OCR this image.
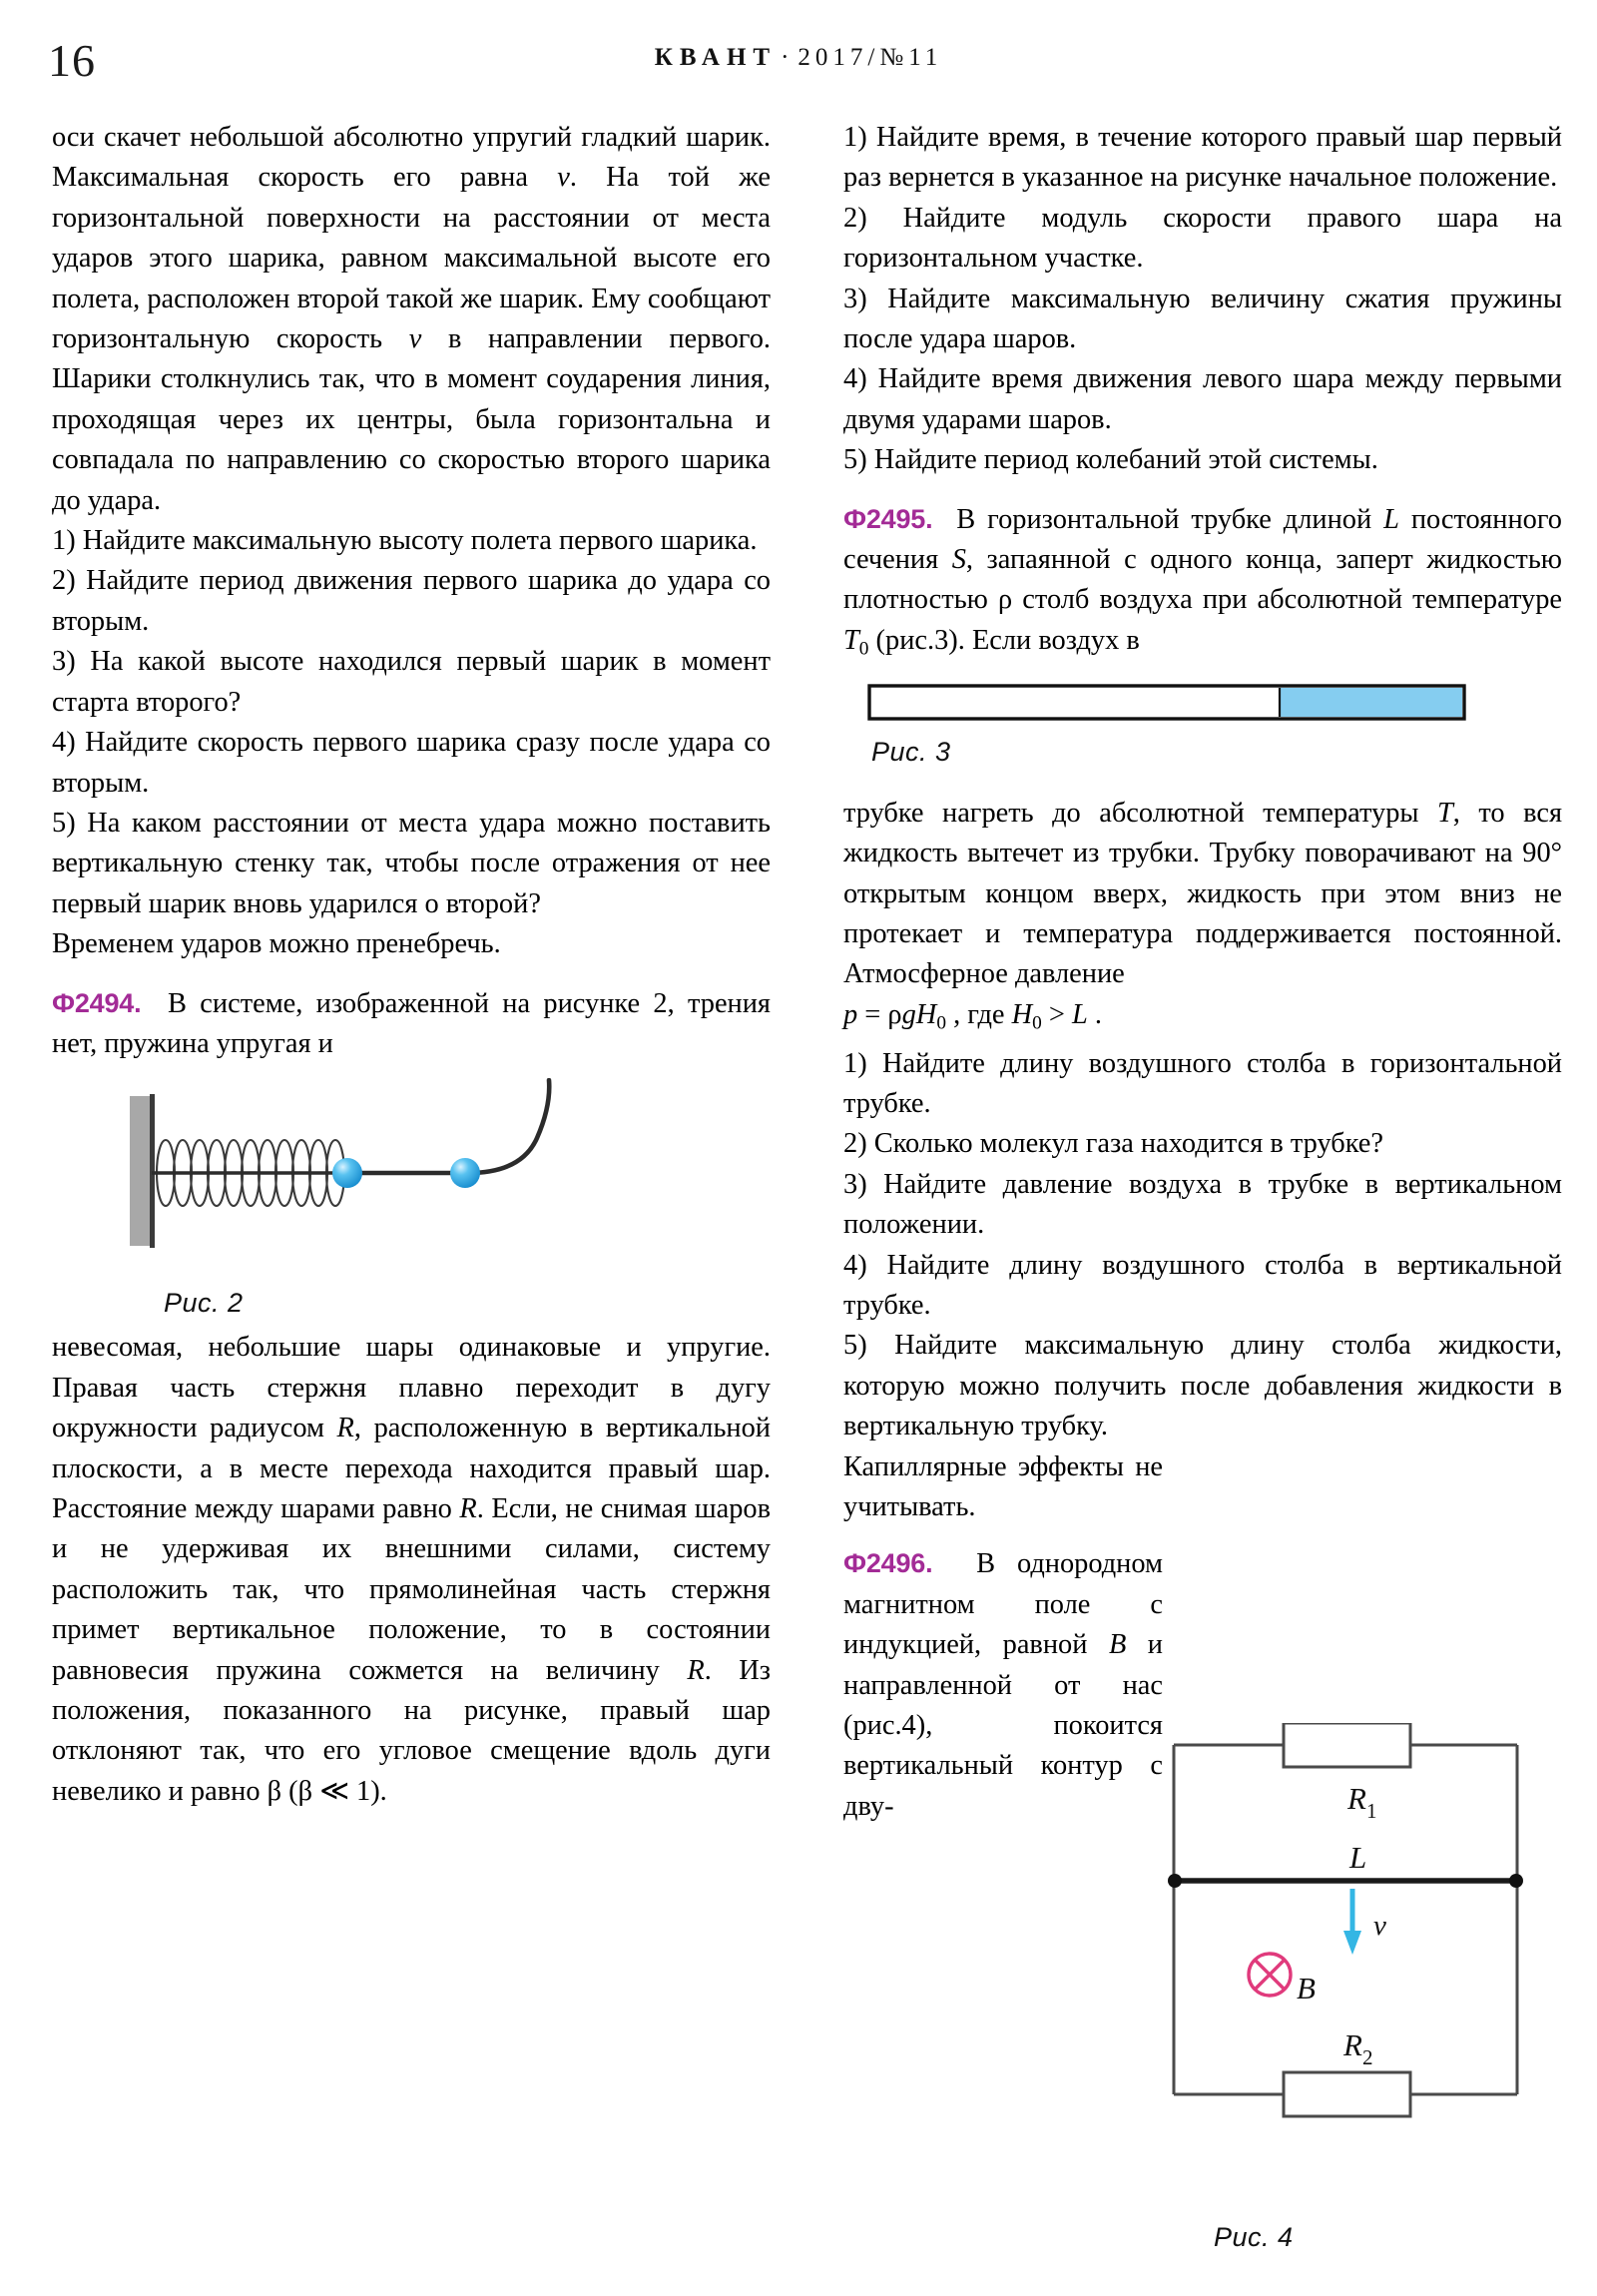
16	КВАНТ · 2017/№11

оси скачет небольшой абсолютно упругий гладкий шарик. Максимальная скорость его равна v. На той же горизонтальной поверхности на расстоянии от места ударов этого шарика, равном максимальной высоте его полета, расположен второй такой же шарик. Ему сообщают горизонтальную скорость v в направлении первого. Шарики столкнулись так, что в момент соударения линия, проходящая через их центры, была горизонтальна и совпадала по направлению со скоростью второго шарика до удара.

1) Найдите максимальную высоту полета первого шарика.

2) Найдите период движения первого шарика до удара со вторым.

3) На какой высоте находился первый шарик в момент старта второго?

4) Найдите скорость первого шарика сразу после удара со вторым.

5) На каком расстоянии от места удара можно поставить вертикальную стенку так, чтобы после отражения от нее первый шарик вновь ударился о второй?

Временем ударов можно пренебречь.

Ф2494. В системе, изображенной на рисунке 2, трения нет, пружина упругая и

Рис. 2

невесомая, небольшие шары одинаковые и упругие. Правая часть стержня плавно переходит в дугу окружности радиусом R, расположенную в вертикальной плоскости, а в месте перехода находится правый шар. Расстояние между шарами равно R. Если, не снимая шаров и не удерживая их внешними силами, систему расположить так, что прямолинейная часть стержня примет вертикальное положение, то в состоянии равновесия пружина сожмется на величину R. Из положения, показанного на рисунке, правый шар отклоняют так, что его угловое смещение вдоль дуги невелико и равно β (β ≪ 1).

1) Найдите время, в течение которого правый шар первый раз вернется в указанное на рисунке начальное положение.

2) Найдите модуль скорости правого шара на горизонтальном участке.

3) Найдите максимальную величину сжатия пружины после удара шаров.

4) Найдите время движения левого шара между первыми двумя ударами шаров.

5) Найдите период колебаний этой системы.

Ф2495. В горизонтальной трубке длиной L постоянного сечения S, запаянной с одного конца, заперт жидкостью плотностью ρ столб воздуха при абсолютной температуре $T_0$ (рис.3). Если воздух в

Рис. 3

трубке нагреть до абсолютной температуры T, то вся жидкость вытечет из трубки. Трубку поворачивают на 90° открытым концом вверх, жидкость при этом вниз не протекает и температура поддерживается постоянной. Атмосферное давление

p = ρgH$_0$ , где $H_0 > L$ .

1) Найдите длину воздушного столба в горизонтальной трубке.

2) Сколько молекул газа находится в трубке?

3) Найдите давление воздуха в трубке в вертикальном положении.

4) Найдите длину воздушного столба в вертикальной трубке.

5) Найдите максимальную длину столба жидкости, которую можно получить после добавления жидкости в вертикальную трубку.

Капиллярные эффекты не учитывать.

Ф2496. В однородном магнитном поле с индукцией, равной B и направленной от нас (рис.4), покоится вертикальный контур с дву-	R 1
L
v
B
R 2
Рис. 4
